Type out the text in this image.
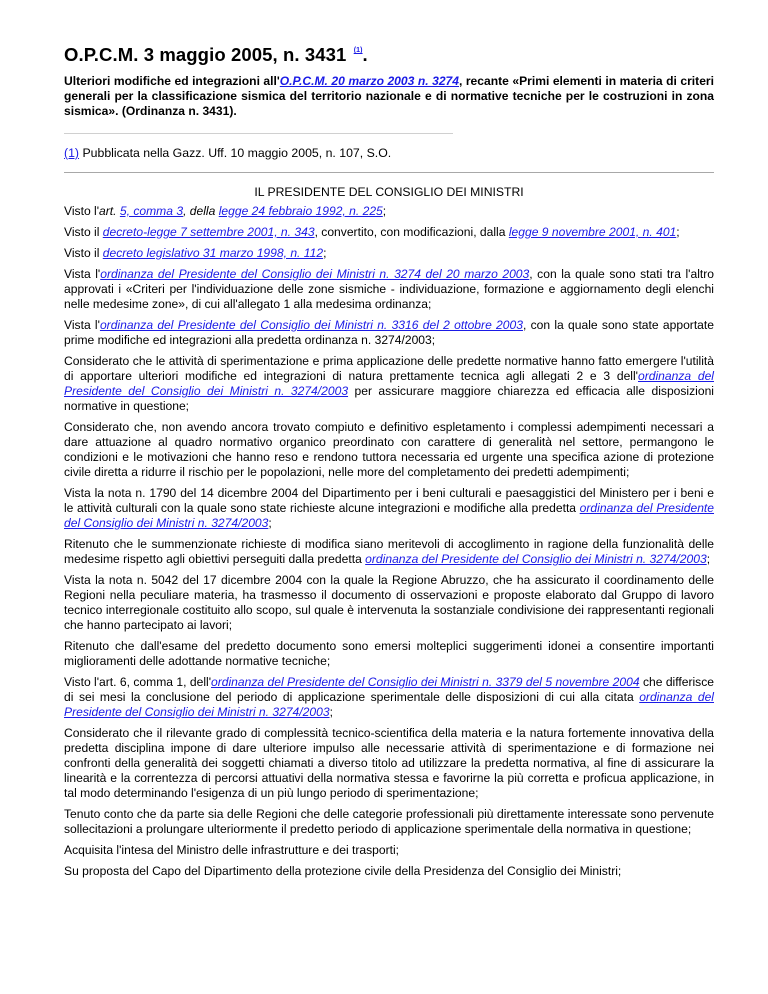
O.P.C.M. 3 maggio 2005, n. 3431 $^{(1)}$.

Ulteriori modifiche ed integrazioni all'O.P.C.M. 20 marzo 2003 n. 3274, recante «Primi elementi in materia di criteri generali per la classificazione sismica del territorio nazionale e di normative tecniche per le costruzioni in zona sismica». (Ordinanza n. 3431).

(1) Pubblicata nella Gazz. Uff. 10 maggio 2005, n. 107, S.O.

IL PRESIDENTE DEL CONSIGLIO DEI MINISTRI

Visto l'art. 5, comma 3, della legge 24 febbraio 1992, n. 225;

Visto il decreto-legge 7 settembre 2001, n. 343, convertito, con modificazioni, dalla legge 9 novembre 2001, n. 401;

Visto il decreto legislativo 31 marzo 1998, n. 112;

Vista l'ordinanza del Presidente del Consiglio dei Ministri n. 3274 del 20 marzo 2003, con la quale sono stati tra l'altro approvati i «Criteri per l'individuazione delle zone sismiche - individuazione, formazione e aggiornamento degli elenchi nelle medesime zone», di cui all'allegato 1 alla medesima ordinanza;

Vista l'ordinanza del Presidente del Consiglio dei Ministri n. 3316 del 2 ottobre 2003, con la quale sono state apportate prime modifiche ed integrazioni alla predetta ordinanza n. 3274/2003;

Considerato che le attività di sperimentazione e prima applicazione delle predette normative hanno fatto emergere l'utilità di apportare ulteriori modifiche ed integrazioni di natura prettamente tecnica agli allegati 2 e 3 dell'ordinanza del Presidente del Consiglio dei Ministri n. 3274/2003 per assicurare maggiore chiarezza ed efficacia alle disposizioni normative in questione;

Considerato che, non avendo ancora trovato compiuto e definitivo espletamento i complessi adempimenti necessari a dare attuazione al quadro normativo organico preordinato con carattere di generalità nel settore, permangono le condizioni e le motivazioni che hanno reso e rendono tuttora necessaria ed urgente una specifica azione di protezione civile diretta a ridurre il rischio per le popolazioni, nelle more del completamento dei predetti adempimenti;

Vista la nota n. 1790 del 14 dicembre 2004 del Dipartimento per i beni culturali e paesaggistici del Ministero per i beni e le attività culturali con la quale sono state richieste alcune integrazioni e modifiche alla predetta ordinanza del Presidente del Consiglio dei Ministri n. 3274/2003;

Ritenuto che le summenzionate richieste di modifica siano meritevoli di accoglimento in ragione della funzionalità delle medesime rispetto agli obiettivi perseguiti dalla predetta ordinanza del Presidente del Consiglio dei Ministri n. 3274/2003;

Vista la nota n. 5042 del 17 dicembre 2004 con la quale la Regione Abruzzo, che ha assicurato il coordinamento delle Regioni nella peculiare materia, ha trasmesso il documento di osservazioni e proposte elaborato dal Gruppo di lavoro tecnico interregionale costituito allo scopo, sul quale è intervenuta la sostanziale condivisione dei rappresentanti regionali che hanno partecipato ai lavori;

Ritenuto che dall'esame del predetto documento sono emersi molteplici suggerimenti idonei a consentire importanti miglioramenti delle adottande normative tecniche;

Visto l'art. 6, comma 1, dell'ordinanza del Presidente del Consiglio dei Ministri n. 3379 del 5 novembre 2004 che differisce di sei mesi la conclusione del periodo di applicazione sperimentale delle disposizioni di cui alla citata ordinanza del Presidente del Consiglio dei Ministri n. 3274/2003;

Considerato che il rilevante grado di complessità tecnico-scientifica della materia e la natura fortemente innovativa della predetta disciplina impone di dare ulteriore impulso alle necessarie attività di sperimentazione e di formazione nei confronti della generalità dei soggetti chiamati a diverso titolo ad utilizzare la predetta normativa, al fine di assicurare la linearità e la correntezza di percorsi attuativi della normativa stessa e favorirne la più corretta e proficua applicazione, in tal modo determinando l'esigenza di un più lungo periodo di sperimentazione;

Tenuto conto che da parte sia delle Regioni che delle categorie professionali più direttamente interessate sono pervenute sollecitazioni a prolungare ulteriormente il predetto periodo di applicazione sperimentale della normativa in questione;

Acquisita l'intesa del Ministro delle infrastrutture e dei trasporti;

Su proposta del Capo del Dipartimento della protezione civile della Presidenza del Consiglio dei Ministri;
